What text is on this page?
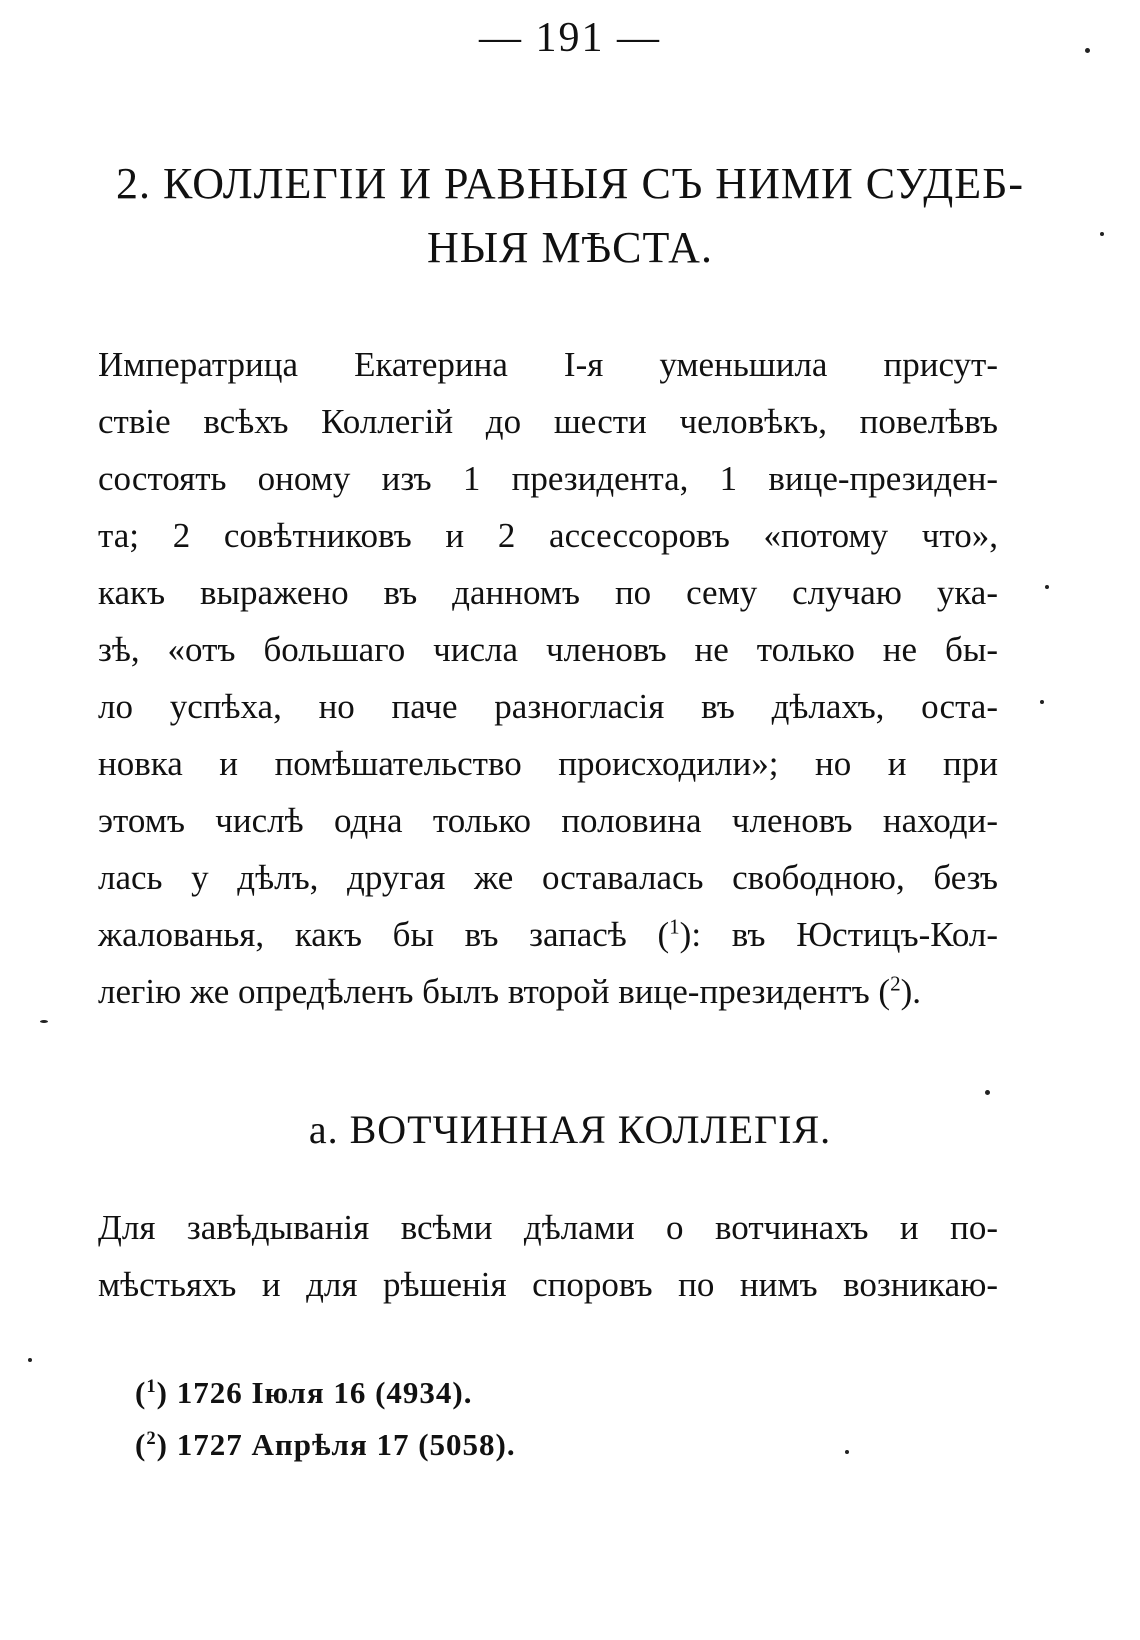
— 191 —
2. КОЛЛЕГІИ И РАВНЫЯ СЪ НИМИ СУДЕБ-
НЫЯ МѢСТА.
Императрица Екатерина I-я уменьшила присут-
ствіе всѣхъ Коллегій до шести человѣкъ, повелѣвъ
состоять оному изъ 1 президента, 1 вице-президен-
та; 2 совѣтниковъ и 2 ассессоровъ «потому что»,
какъ выражено въ данномъ по сему случаю ука-
зѣ, «отъ большаго числа членовъ не только не бы-
ло успѣха, но паче разногласія въ дѣлахъ, оста-
новка и помѣшательство происходили»; но и при
этомъ числѣ одна только половина членовъ находи-
лась у дѣлъ, другая же оставалась свободною, безъ
жалованья, какъ бы въ запасѣ ($^1$): въ Юстицъ-Кол-
легію же опредѣленъ былъ второй вице-президентъ ($^2$).
а. ВОТЧИННАЯ КОЛЛЕГІЯ.
Для завѣдыванія всѣми дѣлами о вотчинахъ и по-
мѣстьяхъ и для рѣшенія споровъ по нимъ возникаю-
($^1$) 1726 Іюля 16 (4934).
($^2$) 1727 Апрѣля 17 (5058).
